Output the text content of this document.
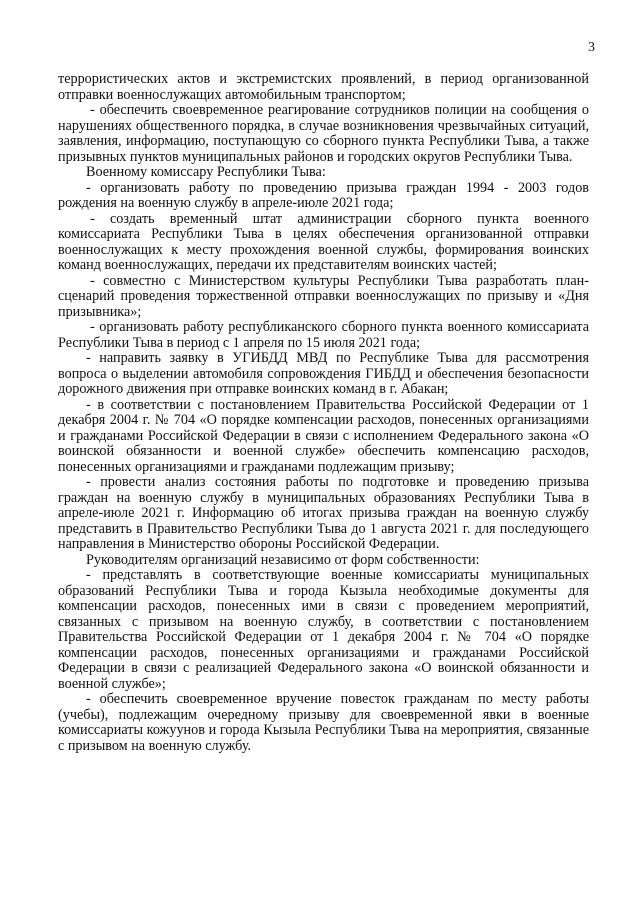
3

террористических актов и экстремистских проявлений, в период организованной отправки военнослужащих автомобильным транспортом;

- обеспечить своевременное реагирование сотрудников полиции на сообщения о нарушениях общественного порядка, в случае возникновения чрезвычайных ситуаций, заявления, информацию, поступающую со сборного пункта Республики Тыва, а также призывных пунктов муниципальных районов и городских округов Республики Тыва.

Военному комиссару Республики Тыва:

- организовать работу по проведению призыва граждан 1994 - 2003 годов рождения на военную службу в апреле-июле 2021 года;

- создать временный штат администрации сборного пункта военного комиссариата Республики Тыва в целях обеспечения организованной отправки военнослужащих к месту прохождения военной службы, формирования воинских команд военнослужащих, передачи их представителям воинских частей;

- совместно с Министерством культуры Республики Тыва разработать план-сценарий проведения торжественной отправки военнослужащих по призыву и «Дня призывника»;

- организовать работу республиканского сборного пункта военного комиссариата Республики Тыва в период с 1 апреля по 15 июля 2021 года;

- направить заявку в УГИБДД МВД по Республике Тыва для рассмотрения вопроса о выделении автомобиля сопровождения ГИБДД и обеспечения безопасности дорожного движения при отправке воинских команд в г. Абакан;

- в соответствии с постановлением Правительства Российской Федерации от 1 декабря 2004 г. № 704 «О порядке компенсации расходов, понесенных организациями и гражданами Российской Федерации в связи с исполнением Федерального закона «О воинской обязанности и военной службе» обеспечить компенсацию расходов, понесенных организациями и гражданами подлежащим призыву;

- провести анализ состояния работы по подготовке и проведению призыва граждан на военную службу в муниципальных образованиях Республики Тыва в апреле-июле 2021 г. Информацию об итогах призыва граждан на военную службу представить в Правительство Республики Тыва до 1 августа 2021 г. для последующего направления в Министерство обороны Российской Федерации.

Руководителям организаций независимо от форм собственности:

- представлять в соответствующие военные комиссариаты муниципальных образований Республики Тыва и города Кызыла необходимые документы для компенсации расходов, понесенных ими в связи с проведением мероприятий, связанных с призывом на военную службу, в соответствии с постановлением Правительства Российской Федерации от 1 декабря 2004 г. № 704 «О порядке компенсации расходов, понесенных организациями и гражданами Российской Федерации в связи с реализацией Федерального закона «О воинской обязанности и военной службе»;

- обеспечить своевременное вручение повесток гражданам по месту работы (учебы), подлежащим очередному призыву для своевременной явки в военные комиссариаты кожуунов и города Кызыла Республики Тыва на мероприятия, связанные с призывом на военную службу.
